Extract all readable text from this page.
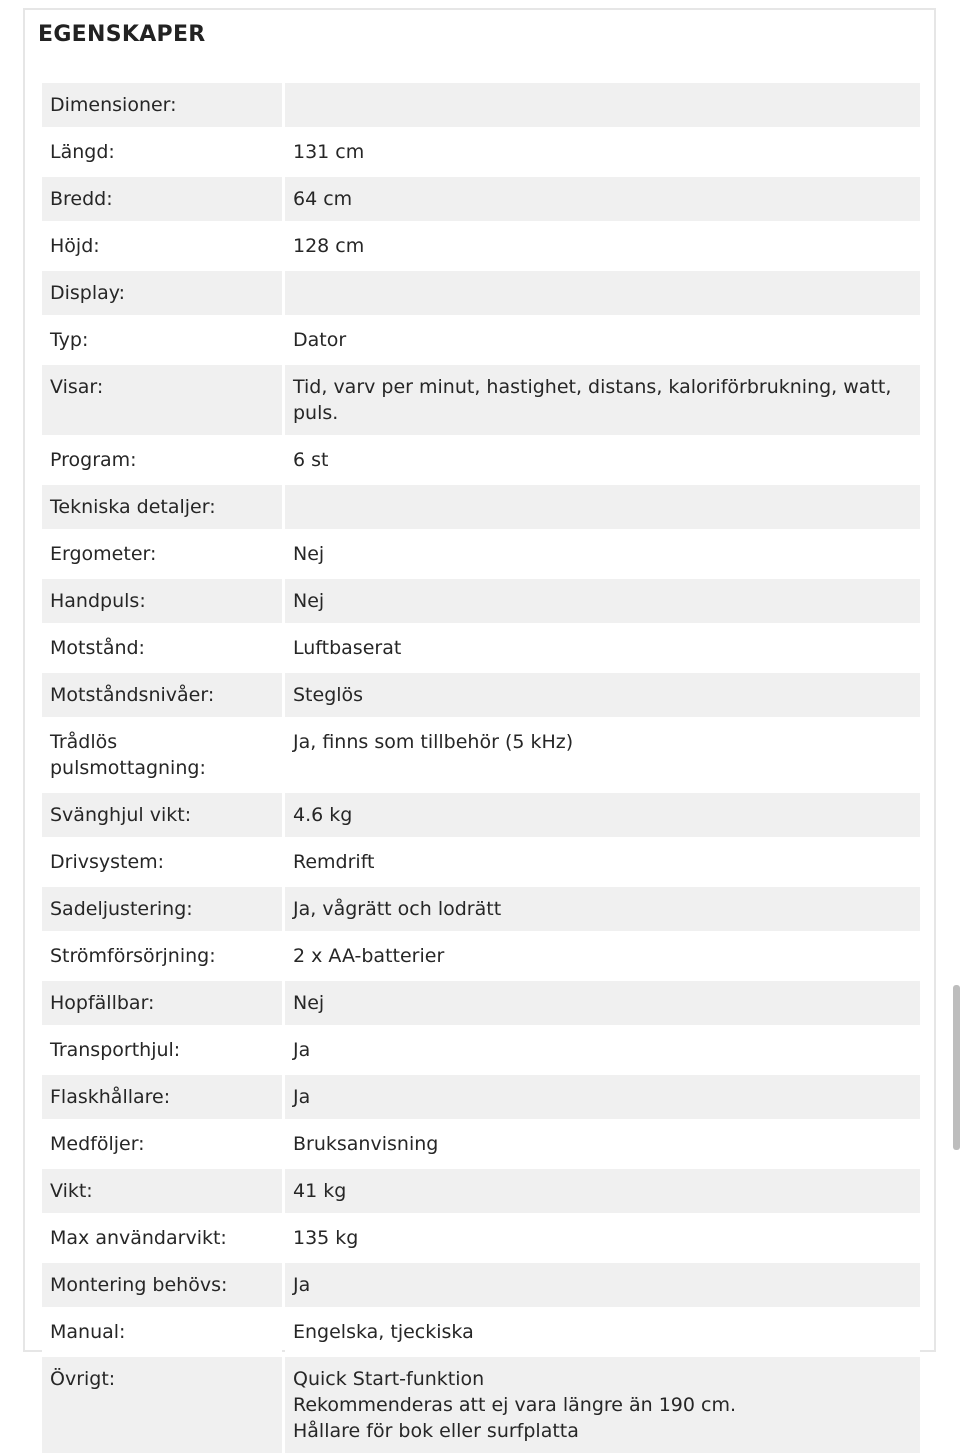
EGENSKAPER
Dimensioner:	
Längd:	131 cm
Bredd:	64 cm
Höjd:	128 cm
Display:	
Typ:	Dator
Visar:	Tid, varv per minut, hastighet, distans, kaloriförbrukning, watt, puls.
Program:	6 st
Tekniska detaljer:	
Ergometer:	Nej
Handpuls:	Nej
Motstånd:	Luftbaserat
Motståndsnivåer:	Steglös
Trådlös pulsmottagning:	Ja, finns som tillbehör (5 kHz)
Svänghjul vikt:	4.6 kg
Drivsystem:	Remdrift
Sadeljustering:	Ja, vågrätt och lodrätt
Strömförsörjning:	2 x AA-batterier
Hopfällbar:	Nej
Transporthjul:	Ja
Flaskhållare:	Ja
Medföljer:	Bruksanvisning
Vikt:	41 kg
Max användarvikt:	135 kg
Montering behövs:	Ja
Manual:	Engelska, tjeckiska
Övrigt:	Quick Start-funktion
Rekommenderas att ej vara längre än 190 cm.
Hållare för bok eller surfplatta
